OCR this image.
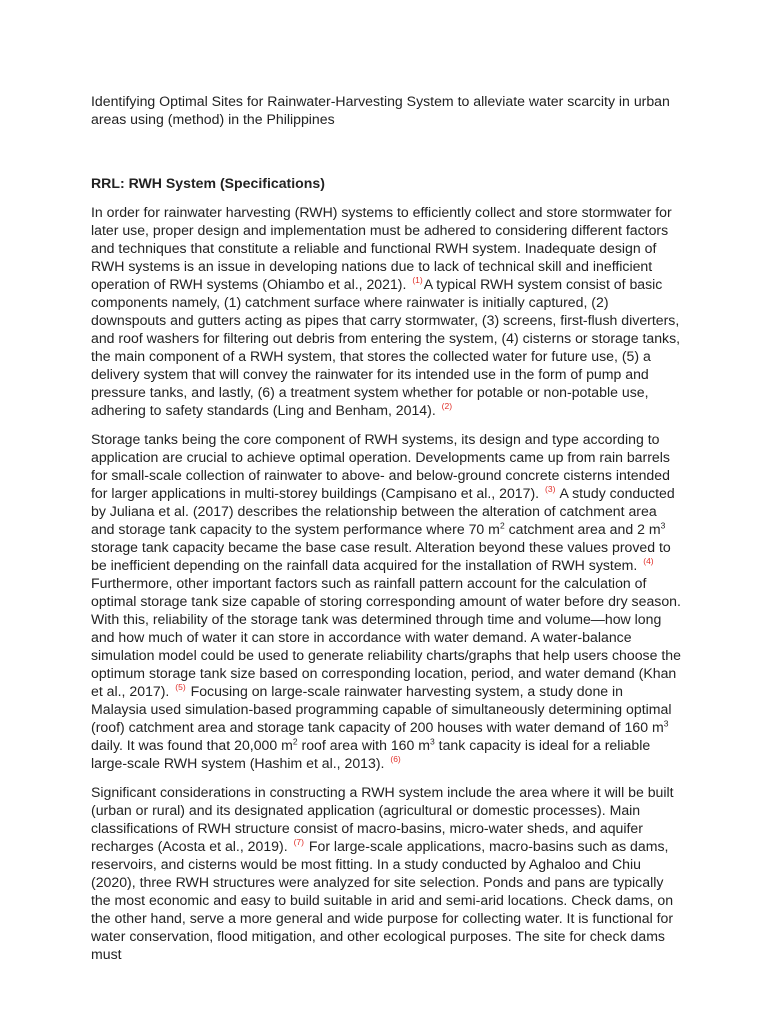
Identifying Optimal Sites for Rainwater-Harvesting System to alleviate water scarcity in urban areas using (method) in the Philippines

RRL: RWH System (Specifications)

In order for rainwater harvesting (RWH) systems to efficiently collect and store stormwater for later use, proper design and implementation must be adhered to considering different factors and techniques that constitute a reliable and functional RWH system. Inadequate design of RWH systems is an issue in developing nations due to lack of technical skill and inefficient operation of RWH systems (Ohiambo et al., 2021). $^{(1)}$A typical RWH system consist of basic components namely, (1) catchment surface where rainwater is initially captured, (2) downspouts and gutters acting as pipes that carry stormwater, (3) screens, first-flush diverters, and roof washers for filtering out debris from entering the system, (4) cisterns or storage tanks, the main component of a RWH system, that stores the collected water for future use, (5) a delivery system that will convey the rainwater for its intended use in the form of pump and pressure tanks, and lastly, (6) a treatment system whether for potable or non-potable use, adhering to safety standards (Ling and Benham, 2014). $^{(2)}$

Storage tanks being the core component of RWH systems, its design and type according to application are crucial to achieve optimal operation. Developments came up from rain barrels for small-scale collection of rainwater to above- and below-ground concrete cisterns intended for larger applications in multi-storey buildings (Campisano et al., 2017). $^{(3)}$ A study conducted by Juliana et al. (2017) describes the relationship between the alteration of catchment area and storage tank capacity to the system performance where 70 $m^2$ catchment area and 2 $m^3$ storage tank capacity became the base case result. Alteration beyond these values proved to be inefficient depending on the rainfall data acquired for the installation of RWH system. $^{(4)}$ Furthermore, other important factors such as rainfall pattern account for the calculation of optimal storage tank size capable of storing corresponding amount of water before dry season. With this, reliability of the storage tank was determined through time and volume—how long and how much of water it can store in accordance with water demand. A water-balance simulation model could be used to generate reliability charts/graphs that help users choose the optimum storage tank size based on corresponding location, period, and water demand (Khan et al., 2017). $^{(5)}$ Focusing on large-scale rainwater harvesting system, a study done in Malaysia used simulation-based programming capable of simultaneously determining optimal (roof) catchment area and storage tank capacity of 200 houses with water demand of 160 $m^3$ daily. It was found that 20,000 $m^2$ roof area with 160 $m^3$ tank capacity is ideal for a reliable large-scale RWH system (Hashim et al., 2013). $^{(6)}$

Significant considerations in constructing a RWH system include the area where it will be built (urban or rural) and its designated application (agricultural or domestic processes). Main classifications of RWH structure consist of macro-basins, micro-water sheds, and aquifer recharges (Acosta et al., 2019). $^{(7)}$ For large-scale applications, macro-basins such as dams, reservoirs, and cisterns would be most fitting. In a study conducted by Aghaloo and Chiu (2020), three RWH structures were analyzed for site selection. Ponds and pans are typically the most economic and easy to build suitable in arid and semi-arid locations. Check dams, on the other hand, serve a more general and wide purpose for collecting water. It is functional for water conservation, flood mitigation, and other ecological purposes. The site for check dams must
